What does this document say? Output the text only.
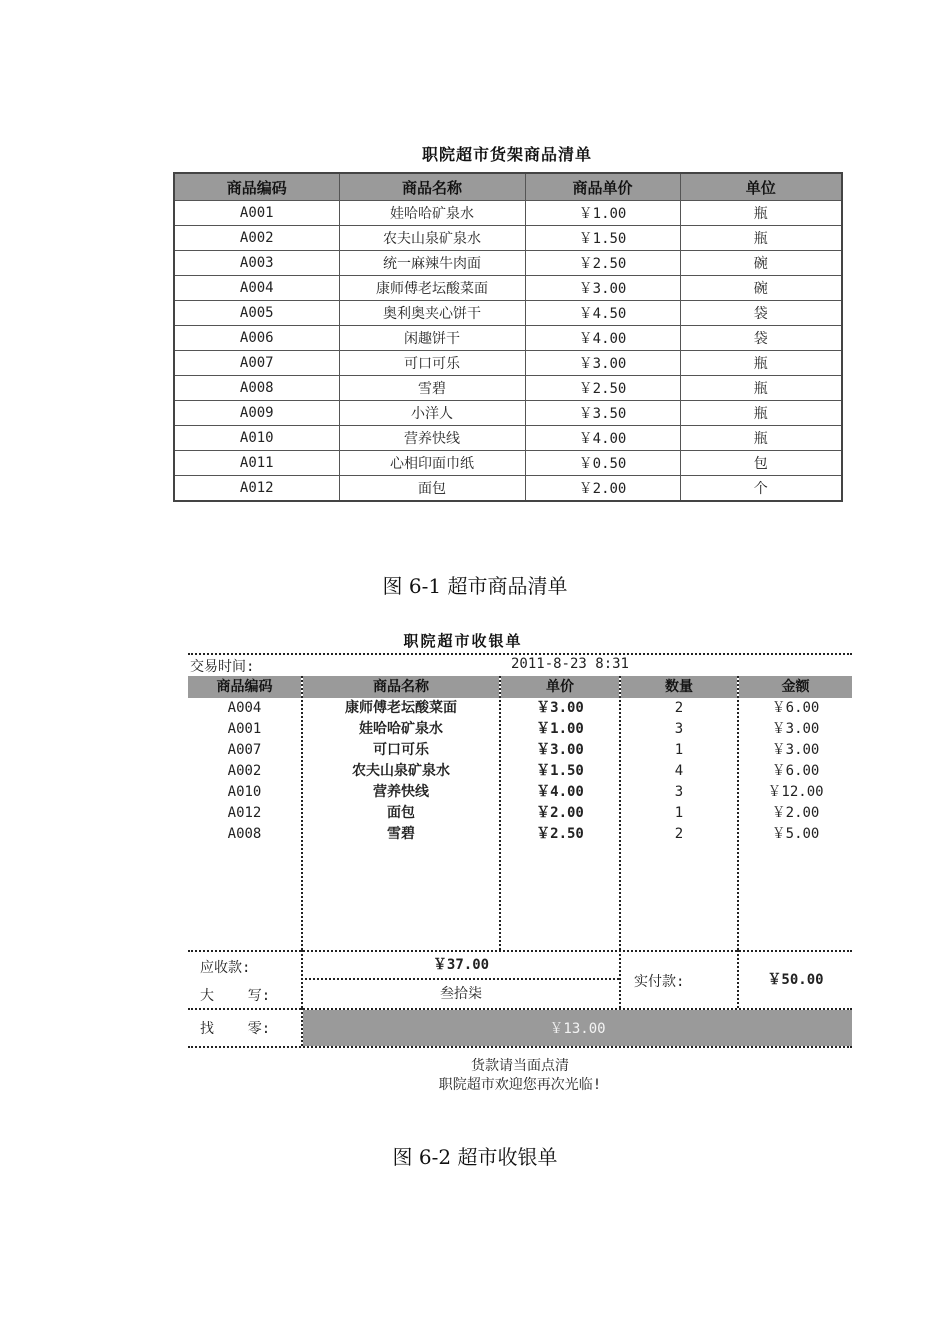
职院超市货架商品清单
商品编码	商品名称	商品单价	单位
A001	娃哈哈矿泉水	￥1.00	瓶
A002	农夫山泉矿泉水	￥1.50	瓶
A003	统一麻辣牛肉面	￥2.50	碗
A004	康师傅老坛酸菜面	￥3.00	碗
A005	奥利奥夹心饼干	￥4.50	袋
A006	闲趣饼干	￥4.00	袋
A007	可口可乐	￥3.00	瓶
A008	雪碧	￥2.50	瓶
A009	小洋人	￥3.50	瓶
A010	营养快线	￥4.00	瓶
A011	心相印面巾纸	￥0.50	包
A012	面包	￥2.00	个
图 6-1 超市商品清单
职院超市收银单
交易时间:	2011-8-23 8:31
商品编码	商品名称	单价	数量	金额
A004	康师傅老坛酸菜面	￥3.00	2	￥6.00
A001	娃哈哈矿泉水	￥1.00	3	￥3.00
A007	可口可乐	￥3.00	1	￥3.00
A002	农夫山泉矿泉水	￥1.50	4	￥6.00
A010	营养快线	￥4.00	3	￥12.00
A012	面包	￥2.00	1	￥2.00
A008	雪碧	￥2.50	2	￥5.00
应收款:	￥37.00
大    写:	叁拾柒
实付款:	￥50.00
找    零:	￥13.00
货款请当面点清
职院超市欢迎您再次光临!
图 6-2 超市收银单
